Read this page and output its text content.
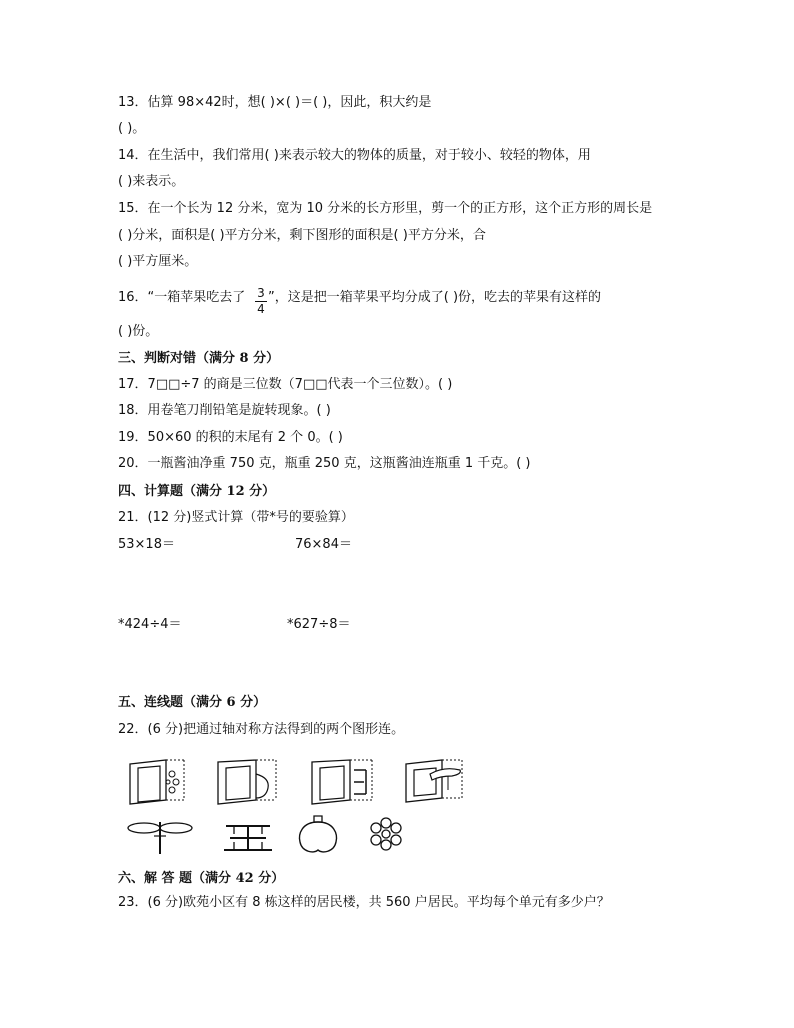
13．估算 98×42时，想( )×( )＝( )，因此，积大约是
( )。
14．在生活中，我们常用( )来表示较大的物体的质量，对于较小、较轻的物体，用
( )来表示。
15．在一个长为 12 分米，宽为 10 分米的长方形里，剪一个的正方形，这个正方形的周长是
( )分米，面积是( )平方分米，剩下图形的面积是( )平方分米，合
( )平方厘米。
16．“一箱苹果吃去了 3
4
”，这是把一箱苹果平均分成了( )份，吃去的苹果有这样的
( )份。
三、判断对错（满分 8 分）
17．7□□÷7 的商是三位数（7□□代表一个三位数）。( )
18．用卷笔刀削铅笔是旋转现象。( )
19．50×60 的积的末尾有 2 个 0。( )
20．一瓶酱油净重 750 克，瓶重 250 克，这瓶酱油连瓶重 1 千克。( )
四、计算题（满分 12 分）
21．(12 分)竖式计算（带*号的要验算）
53×18＝	76×84＝
*424÷4＝	*627÷8＝
五、连线题（满分 6 分）
22．(6 分)把通过轴对称方法得到的两个图形连。
六、解 答 题（满分 42 分）
23．(6 分)欧苑小区有 8 栋这样的居民楼，共 560 户居民。平均每个单元有多少户？
